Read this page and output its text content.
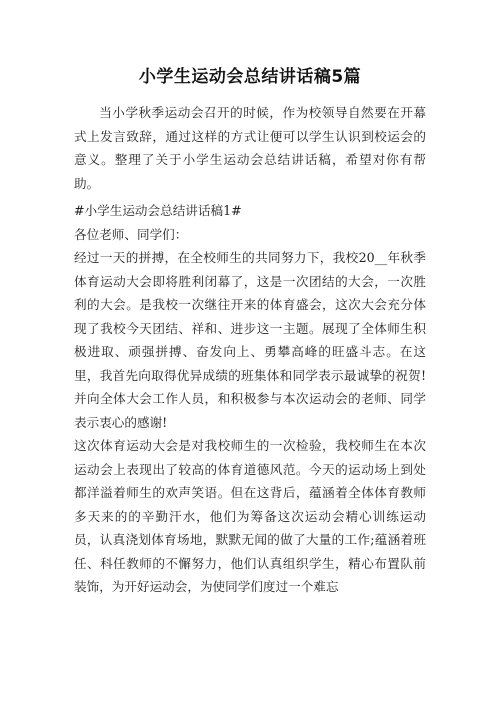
小学生运动会总结讲话稿5篇

当小学秋季运动会召开的时候，作为校领导自然要在开幕式上发言致辞，通过这样的方式让便可以学生认识到校运会的意义。整理了关于小学生运动会总结讲话稿，希望对你有帮助。

#小学生运动会总结讲话稿1#

各位老师、同学们：

经过一天的拼搏，在全校师生的共同努力下，我校20__年秋季体育运动大会即将胜利闭幕了，这是一次团结的大会，一次胜利的大会。是我校一次继往开来的体育盛会，这次大会充分体现了我校今天团结、祥和、进步这一主题。展现了全体师生积极进取、顽强拼搏、奋发向上、勇攀高峰的旺盛斗志。在这里，我首先向取得优异成绩的班集体和同学表示最诚挚的祝贺!并向全体大会工作人员，和积极参与本次运动会的老师、同学表示衷心的感谢!

这次体育运动大会是对我校师生的一次检验，我校师生在本次运动会上表现出了较高的体育道德风范。今天的运动场上到处都洋溢着师生的欢声笑语。但在这背后，蕴涵着全体体育教师多天来的的辛勤汗水，他们为筹备这次运动会精心训练运动员，认真浇划体育场地，默默无闻的做了大量的工作;蕴涵着班任、科任教师的不懈努力，他们认真组织学生，精心布置队前装饰，为开好运动会，为使同学们度过一个难忘
